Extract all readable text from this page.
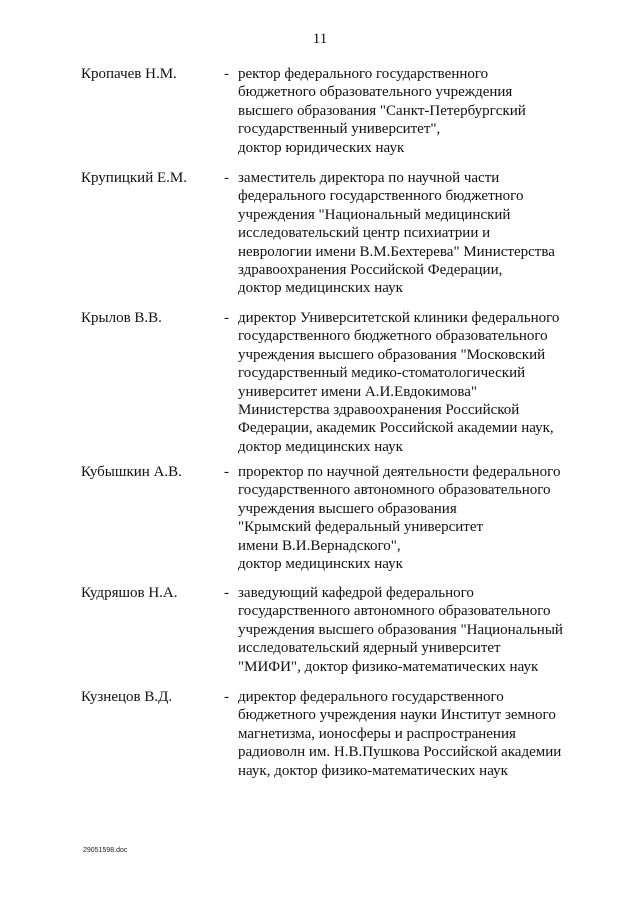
11
Кропачев Н.М.	- ректор федерального государственного
бюджетного образовательного учреждения
высшего образования "Санкт-Петербургский
государственный университет",
доктор юридических наук
Крупицкий Е.М. - заместитель директора по научной части
федерального государственного бюджетного
учреждения "Национальный медицинский
исследовательский центр психиатрии и
неврологии имени В.М.Бехтерева" Министерства
здравоохранения Российской Федерации,
доктор медицинских наук
Крылов В.В.	- директор Университетской клиники федерального
государственного бюджетного образовательного
учреждения высшего образования "Московский
государственный медико-стоматологический
университет имени А.И.Евдокимова"
Министерства здравоохранения Российской
Федерации, академик Российской академии наук,
доктор медицинских наук
Кубышкин А.В.	- проректор по научной деятельности федерального
государственного автономного образовательного
учреждения высшего образования
"Крымский федеральный университет
имени В.И.Вернадского",
доктор медицинских наук
Кудряшов Н.А.	- заведующий кафедрой федерального
государственного автономного образовательного
учреждения высшего образования "Национальный
исследовательский ядерный университет
"МИФИ", доктор физико-математических наук
Кузнецов В.Д.	- директор федерального государственного
бюджетного учреждения науки Институт земного
магнетизма, ионосферы и распространения
радиоволн им. Н.В.Пушкова Российской академии
наук, доктор физико-математических наук
29051598.doc
